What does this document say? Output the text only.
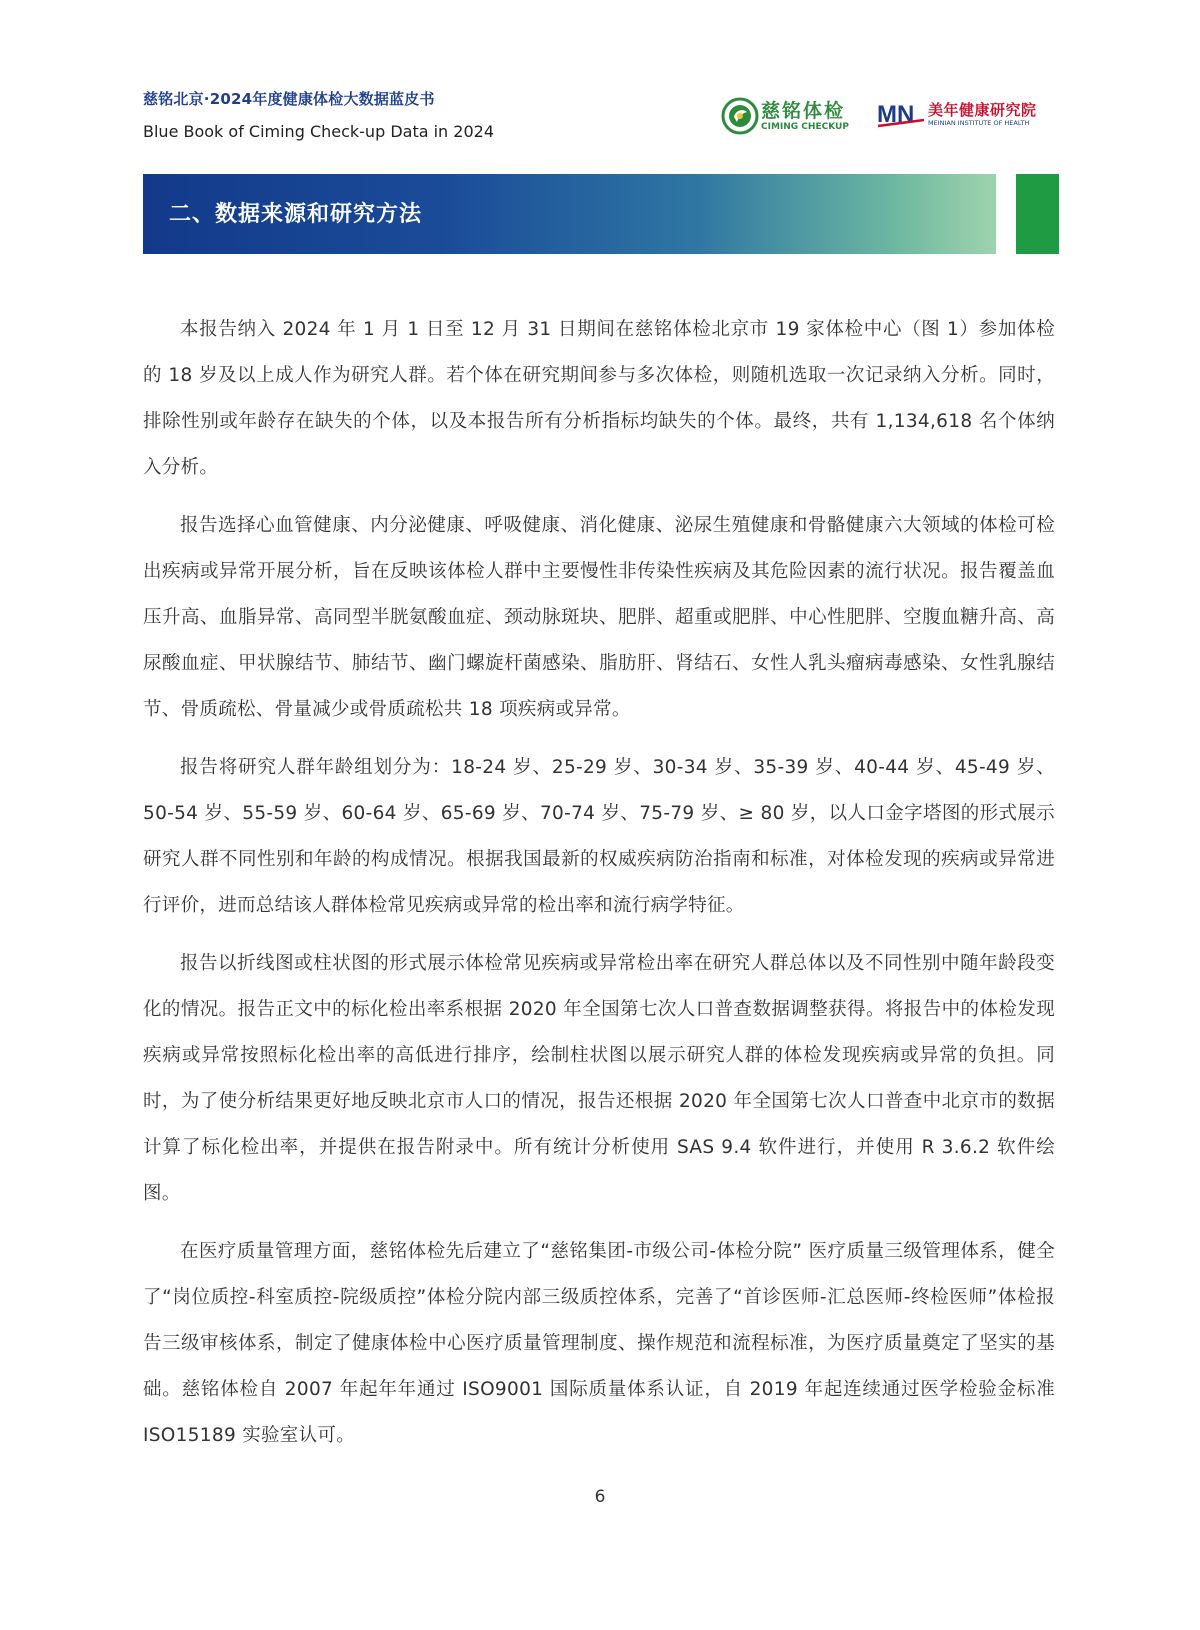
慈铭北京·2024年度健康体检大数据蓝皮书
Blue Book of Ciming Check-up Data in 2024
慈铭体检
CIMING CHECKUP MN 美年健康研究院
MEINIAN INSTITUTE OF HEALTH
二、数据来源和研究方法

本报告纳入 2024 年 1 月 1 日至 12 月 31 日期间在慈铭体检北京市 19 家体检中心（图 1）参加体检的 18 岁及以上成人作为研究人群。若个体在研究期间参与多次体检，则随机选取一次记录纳入分析。同时，排除性别或年龄存在缺失的个体，以及本报告所有分析指标均缺失的个体。最终，共有 1,134,618 名个体纳入分析。

报告选择心血管健康、内分泌健康、呼吸健康、消化健康、泌尿生殖健康和骨骼健康六大领域的体检可检出疾病或异常开展分析，旨在反映该体检人群中主要慢性非传染性疾病及其危险因素的流行状况。报告覆盖血压升高、血脂异常、高同型半胱氨酸血症、颈动脉斑块、肥胖、超重或肥胖、中心性肥胖、空腹血糖升高、高尿酸血症、甲状腺结节、肺结节、幽门螺旋杆菌感染、脂肪肝、肾结石、女性人乳头瘤病毒感染、女性乳腺结节、骨质疏松、骨量减少或骨质疏松共 18 项疾病或异常。

报告将研究人群年龄组划分为：18-24 岁、25-29 岁、30-34 岁、35-39 岁、40-44 岁、45-49 岁、50-54 岁、55-59 岁、60-64 岁、65-69 岁、70-74 岁、75-79 岁、≥ 80 岁，以人口金字塔图的形式展示研究人群不同性别和年龄的构成情况。根据我国最新的权威疾病防治指南和标准，对体检发现的疾病或异常进行评价，进而总结该人群体检常见疾病或异常的检出率和流行病学特征。

报告以折线图或柱状图的形式展示体检常见疾病或异常检出率在研究人群总体以及不同性别中随年龄段变化的情况。报告正文中的标化检出率系根据 2020 年全国第七次人口普查数据调整获得。将报告中的体检发现疾病或异常按照标化检出率的高低进行排序，绘制柱状图以展示研究人群的体检发现疾病或异常的负担。同时，为了使分析结果更好地反映北京市人口的情况，报告还根据 2020 年全国第七次人口普查中北京市的数据计算了标化检出率，并提供在报告附录中。所有统计分析使用 SAS 9.4 软件进行，并使用 R 3.6.2 软件绘图。

在医疗质量管理方面，慈铭体检先后建立了“慈铭集团-市级公司-体检分院” 医疗质量三级管理体系，健全了“岗位质控-科室质控-院级质控”体检分院内部三级质控体系，完善了“首诊医师-汇总医师-终检医师”体检报告三级审核体系，制定了健康体检中心医疗质量管理制度、操作规范和流程标准，为医疗质量奠定了坚实的基础。慈铭体检自 2007 年起年年通过 ISO9001 国际质量体系认证，自 2019 年起连续通过医学检验金标准 ISO15189 实验室认可。

6
